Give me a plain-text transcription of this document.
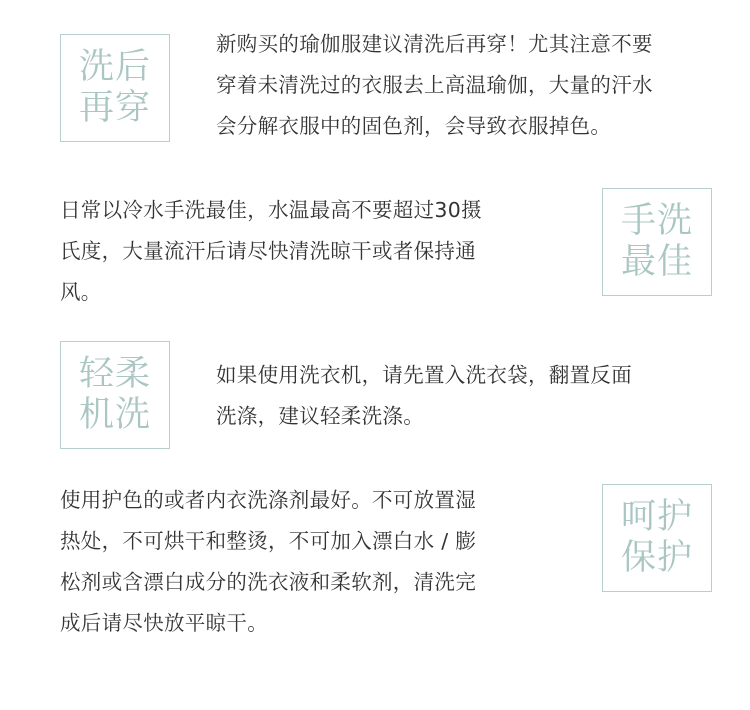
洗后
再穿

新购买的瑜伽服建议清洗后再穿！尤其注意不要
穿着未清洗过的衣服去上高温瑜伽，大量的汗水
会分解衣服中的固色剂，会导致衣服掉色。

日常以冷水手洗最佳，水温最高不要超过30摄
氏度，大量流汗后请尽快清洗晾干或者保持通
风。

手洗
最佳
轻柔
机洗

如果使用洗衣机，请先置入洗衣袋，翻置反面
洗涤，建议轻柔洗涤。

使用护色的或者内衣洗涤剂最好。不可放置湿
热处，不可烘干和整烫，不可加入漂白水 / 膨
松剂或含漂白成分的洗衣液和柔软剂，清洗完
成后请尽快放平晾干。

呵护
保护
